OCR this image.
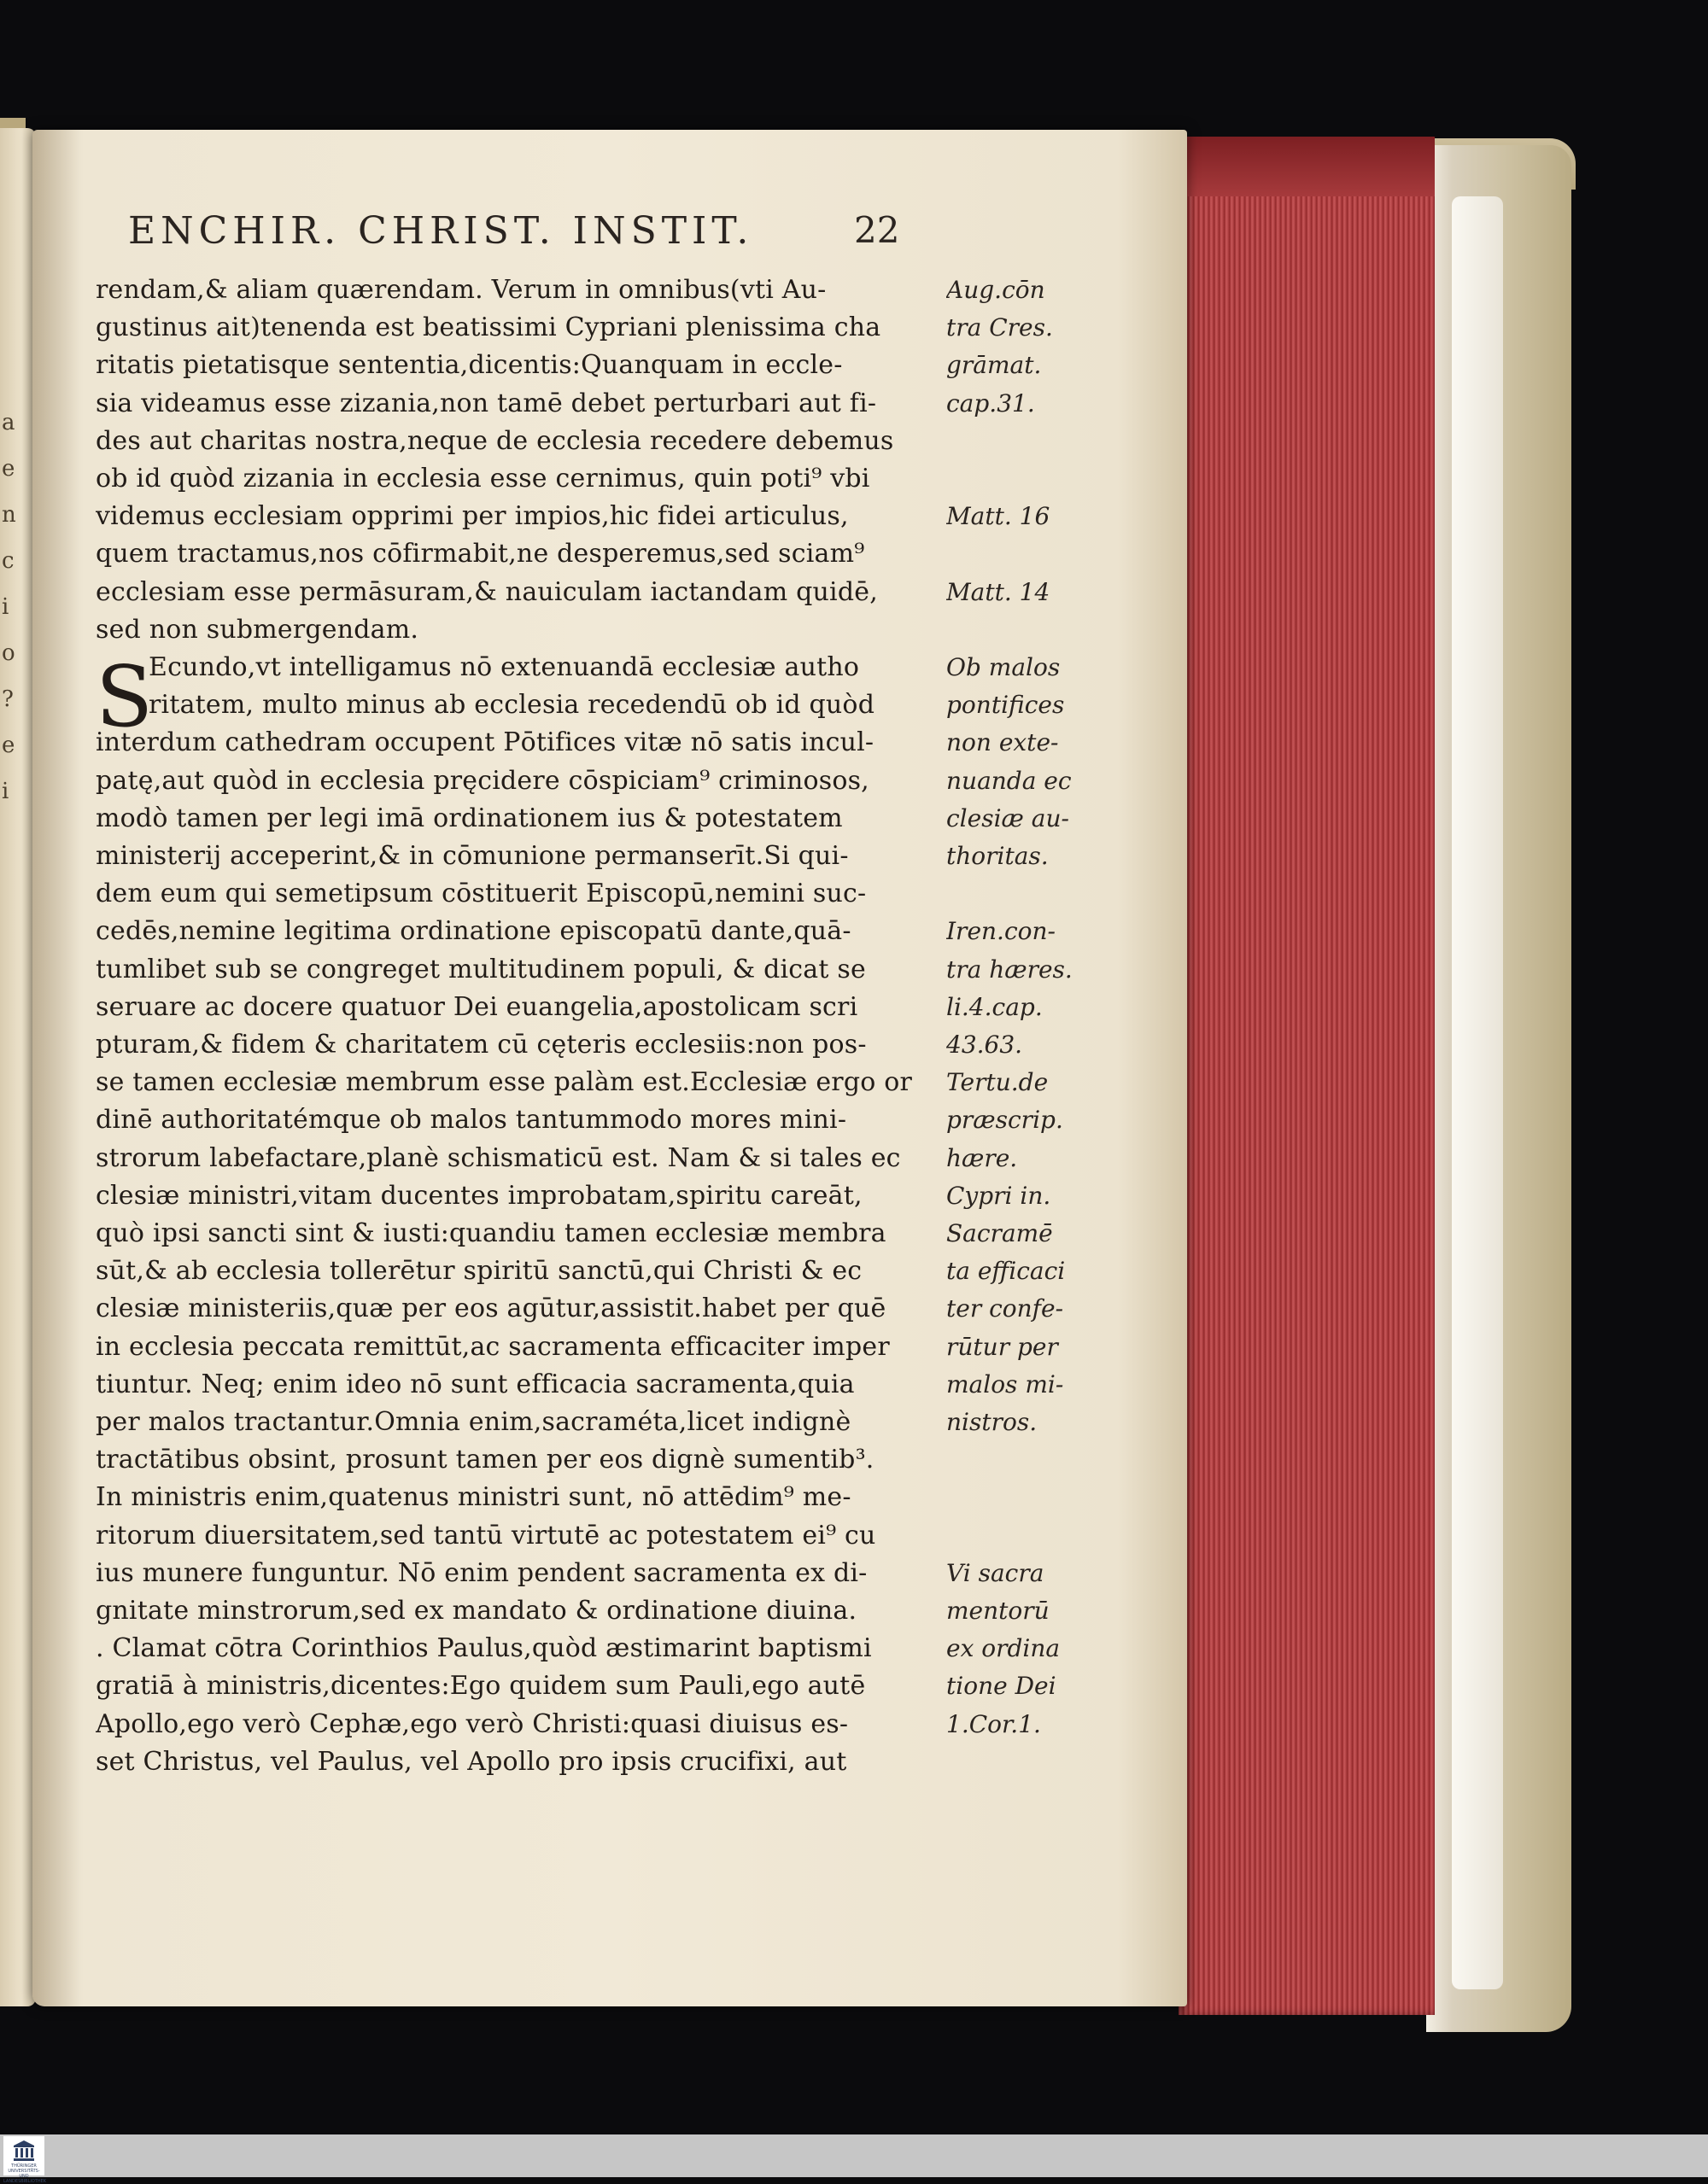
a
e
n
c
i
o
?
e
i
ENCHIR. CHRIST. INSTIT.	22
S
rendam,& aliam quærendam. Verum in omnibus(vti Au-
gustinus ait)tenenda est beatissimi Cypriani plenissima cha
ritatis pietatisque sententia,dicentis:Quanquam in eccle-
sia videamus esse zizania,non tamē debet perturbari aut fi-
des aut charitas nostra,neque de ecclesia recedere debemus
ob id quòd zizania in ecclesia esse cernimus, quin poti⁹ vbi
videmus ecclesiam opprimi per impios,hic fidei articulus,
quem tractamus,nos cōfirmabit,ne desperemus,sed sciam⁹
ecclesiam esse permāsuram,& nauiculam iactandam quidē,
sed non submergendam.
Ecundo,vt intelligamus nō extenuandā ecclesiæ autho
ritatem, multo minus ab ecclesia recedendū ob id quòd
interdum cathedram occupent Pōtifices vitæ nō satis incul-
patę,aut quòd in ecclesia pręcidere cōspiciam⁹ criminosos,
modò tamen per legi imā ordinationem ius & potestatem
ministerij acceperint,& in cōmunione permanserīt.Si qui-
dem eum qui semetipsum cōstituerit Episcopū,nemini suc-
cedēs,nemine legitima ordinatione episcopatū dante,quā-
tumlibet sub se congreget multitudinem populi, & dicat se
seruare ac docere quatuor Dei euangelia,apostolicam scri
pturam,& fidem & charitatem cū cęteris ecclesiis:non pos-
se tamen ecclesiæ membrum esse palàm est.Ecclesiæ ergo or
dinē authoritatémque ob malos tantummodo mores mini-
strorum labefactare,planè schismaticū est. Nam & si tales ec
clesiæ ministri,vitam ducentes improbatam,spiritu careāt,
quò ipsi sancti sint & iusti:quandiu tamen ecclesiæ membra
sūt,& ab ecclesia tollerētur spiritū sanctū,qui Christi & ec
clesiæ ministeriis,quæ per eos agūtur,assistit.habet per quē
in ecclesia peccata remittūt,ac sacramenta efficaciter imper
tiuntur. Neq; enim ideo nō sunt efficacia sacramenta,quia
per malos tractantur.Omnia enim,sacraméta,licet indignè
tractātibus obsint, prosunt tamen per eos dignè sumentib³.
In ministris enim,quatenus ministri sunt, nō attēdim⁹ me-
ritorum diuersitatem,sed tantū virtutē ac potestatem ei⁹ cu
ius munere funguntur. Nō enim pendent sacramenta ex di-
gnitate minstrorum,sed ex mandato & ordinatione diuina.
. Clamat cōtra Corinthios Paulus,quòd æstimarint baptismi
gratiā à ministris,dicentes:Ego quidem sum Pauli,ego autē
Apollo,ego verò Cephæ,ego verò Christi:quasi diuisus es-
set Christus, vel Paulus, vel Apollo pro ipsis crucifixi, aut
Aug.cōn
tra Cres.
grāmat.
cap.31.
Matt. 16
Matt. 14
Ob malos
pontifices
non exte-
nuanda ec
clesiæ au-
thoritas.
Iren.con-
tra hæres.
li.4.cap.
43.63.
Tertu.de
præscrip.
hære.
Cypri in.
Sacramē
ta efficaci
ter confe-
rūtur per
malos mi-
nistros.
Vi sacra
mentorū
ex ordina
tione Dei
1.Cor.1.
THÜRINGER UNIVERSITÄTS- UND LANDESBIBLIOTHEK
